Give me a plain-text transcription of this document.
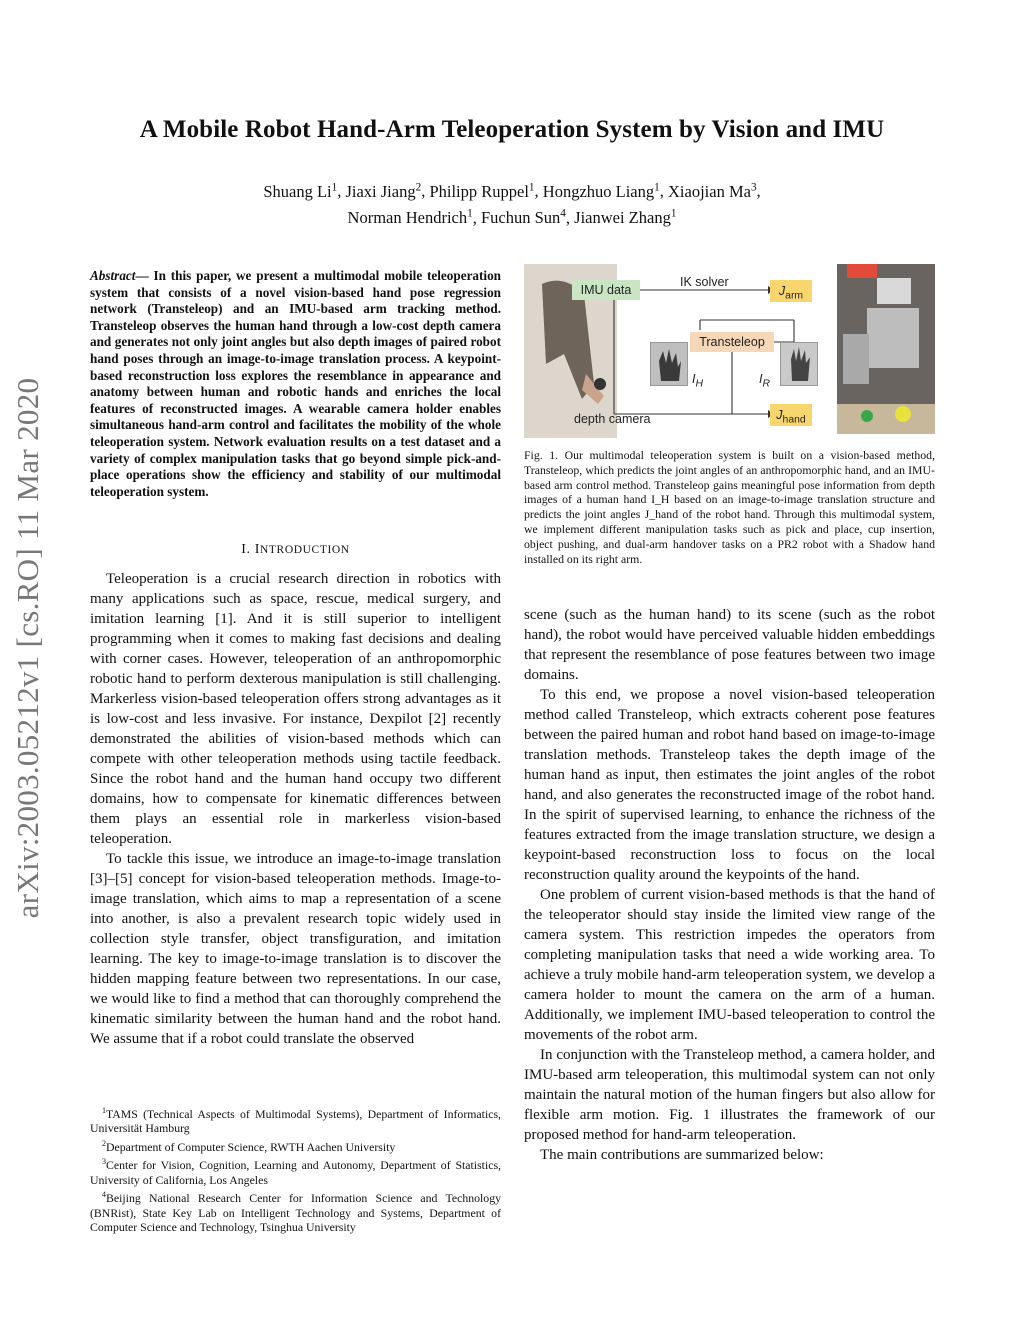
arXiv:2003.05212v1 [cs.RO] 11 Mar 2020
A Mobile Robot Hand-Arm Teleoperation System by Vision and IMU
Shuang Li$^1$, Jiaxi Jiang$^2$, Philipp Ruppel$^1$, Hongzhuo Liang$^1$, Xiaojian Ma$^3$,
Norman Hendrich$^1$, Fuchun Sun$^4$, Jianwei Zhang$^1$
Abstract— In this paper, we present a multimodal mobile teleoperation system that consists of a novel vision-based hand pose regression network (Transteleop) and an IMU-based arm tracking method. Transteleop observes the human hand through a low-cost depth camera and generates not only joint angles but also depth images of paired robot hand poses through an image-to-image translation process. A keypoint-based reconstruction loss explores the resemblance in appearance and anatomy between human and robotic hands and enriches the local features of reconstructed images. A wearable camera holder enables simultaneous hand-arm control and facilitates the mobility of the whole teleoperation system. Network evaluation results on a test dataset and a variety of complex manipulation tasks that go beyond simple pick-and-place operations show the efficiency and stability of our multimodal teleoperation system.
I. INTRODUCTION

Teleoperation is a crucial research direction in robotics with many applications such as space, rescue, medical surgery, and imitation learning [1]. And it is still superior to intelligent programming when it comes to making fast decisions and dealing with corner cases. However, teleoperation of an anthropomorphic robotic hand to perform dexterous manipulation is still challenging. Markerless vision-based teleoperation offers strong advantages as it is low-cost and less invasive. For instance, Dexpilot [2] recently demonstrated the abilities of vision-based methods which can compete with other teleoperation methods using tactile feedback. Since the robot hand and the human hand occupy two different domains, how to compensate for kinematic differences between them plays an essential role in markerless vision-based teleoperation.

To tackle this issue, we introduce an image-to-image translation [3]–[5] concept for vision-based teleoperation methods. Image-to-image translation, which aims to map a representation of a scene into another, is also a prevalent research topic widely used in collection style transfer, object transfiguration, and imitation learning. The key to image-to-image translation is to discover the hidden mapping feature between two representations. In our case, we would like to find a method that can thoroughly comprehend the kinematic similarity between the human hand and the robot hand. We assume that if a robot could translate the observed

$^1$TAMS (Technical Aspects of Multimodal Systems), Department of Informatics, Universität Hamburg

$^2$Department of Computer Science, RWTH Aachen University

$^3$Center for Vision, Cognition, Learning and Autonomy, Department of Statistics, University of California, Los Angeles

$^4$Beijing National Research Center for Information Science and Technology (BNRist), State Key Lab on Intelligent Technology and Systems, Department of Computer Science and Technology, Tsinghua University

IMU data
IK solver
Transteleop
$J_{arm}$
$J_{hand}$
$I_H$	$I_R$
depth camera
Fig. 1. Our multimodal teleoperation system is built on a vision-based method, Transteleop, which predicts the joint angles of an anthropomorphic hand, and an IMU-based arm control method. Transteleop gains meaningful pose information from depth images of a human hand I_H based on an image-to-image translation structure and predicts the joint angles J_hand of the robot hand. Through this multimodal system, we implement different manipulation tasks such as pick and place, cup insertion, object pushing, and dual-arm handover tasks on a PR2 robot with a Shadow hand installed on its right arm.

scene (such as the human hand) to its scene (such as the robot hand), the robot would have perceived valuable hidden embeddings that represent the resemblance of pose features between two image domains.

To this end, we propose a novel vision-based teleoperation method called Transteleop, which extracts coherent pose features between the paired human and robot hand based on image-to-image translation methods. Transteleop takes the depth image of the human hand as input, then estimates the joint angles of the robot hand, and also generates the reconstructed image of the robot hand. In the spirit of supervised learning, to enhance the richness of the features extracted from the image translation structure, we design a keypoint-based reconstruction loss to focus on the local reconstruction quality around the keypoints of the hand.

One problem of current vision-based methods is that the hand of the teleoperator should stay inside the limited view range of the camera system. This restriction impedes the operators from completing manipulation tasks that need a wide working area. To achieve a truly mobile hand-arm teleoperation system, we develop a camera holder to mount the camera on the arm of a human. Additionally, we implement IMU-based teleoperation to control the movements of the robot arm.

In conjunction with the Transteleop method, a camera holder, and IMU-based arm teleoperation, this multimodal system can not only maintain the natural motion of the human fingers but also allow for flexible arm motion. Fig. 1 illustrates the framework of our proposed method for hand-arm teleoperation.

The main contributions are summarized below:
